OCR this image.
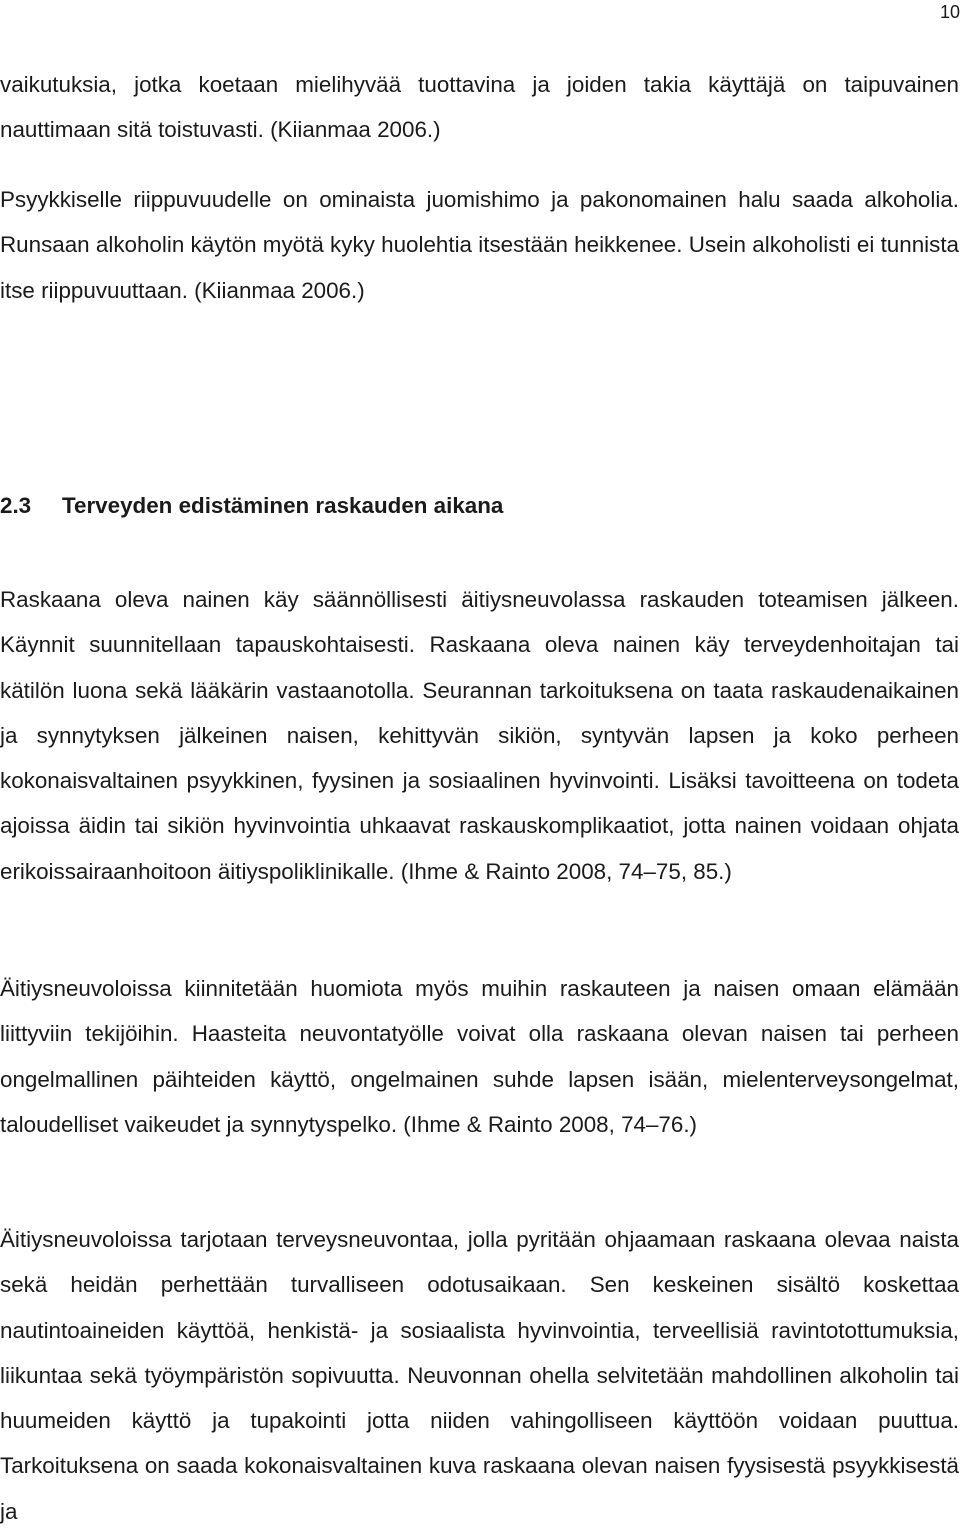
10

vaikutuksia, jotka koetaan mielihyvää tuottavina ja joiden takia käyttäjä on taipuvainen nauttimaan sitä toistuvasti. (Kiianmaa 2006.)

Psyykkiselle riippuvuudelle on ominaista juomishimo ja pakonomainen halu saada alkoholia. Runsaan alkoholin käytön myötä kyky huolehtia itsestään heikkenee. Usein alkoholisti ei tunnista itse riippuvuuttaan. (Kiianmaa 2006.)

2.3 Terveyden edistäminen raskauden aikana

Raskaana oleva nainen käy säännöllisesti äitiysneuvolassa raskauden toteamisen jälkeen. Käynnit suunnitellaan tapauskohtaisesti. Raskaana oleva nainen käy terveydenhoitajan tai kätilön luona sekä lääkärin vastaanotolla. Seurannan tarkoituksena on taata raskaudenaikainen ja synnytyksen jälkeinen naisen, kehittyvän sikiön, syntyvän lapsen ja koko perheen kokonaisvaltainen psyykkinen, fyysinen ja sosiaalinen hyvinvointi. Lisäksi tavoitteena on todeta ajoissa äidin tai sikiön hyvinvointia uhkaavat raskauskomplikaatiot, jotta nainen voidaan ohjata erikoissairaanhoitoon äitiyspoliklinikalle. (Ihme & Rainto 2008, 74–75, 85.)

Äitiysneuvoloissa kiinnitetään huomiota myös muihin raskauteen ja naisen omaan elämään liittyviin tekijöihin. Haasteita neuvontatyölle voivat olla raskaana olevan naisen tai perheen ongelmallinen päihteiden käyttö, ongelmainen suhde lapsen isään, mielenterveysongelmat, taloudelliset vaikeudet ja synnytyspelko. (Ihme & Rainto 2008, 74–76.)

Äitiysneuvoloissa tarjotaan terveysneuvontaa, jolla pyritään ohjaamaan raskaana olevaa naista sekä heidän perhettään turvalliseen odotusaikaan. Sen keskeinen sisältö koskettaa nautintoaineiden käyttöä, henkistä- ja sosiaalista hyvinvointia, terveellisiä ravintotottumuksia, liikuntaa sekä työympäristön sopivuutta. Neuvonnan ohella selvitetään mahdollinen alkoholin tai huumeiden käyttö ja tupakointi jotta niiden vahingolliseen käyttöön voidaan puuttua. Tarkoituksena on saada kokonaisvaltainen kuva raskaana olevan naisen fyysisestä psyykkisestä ja
